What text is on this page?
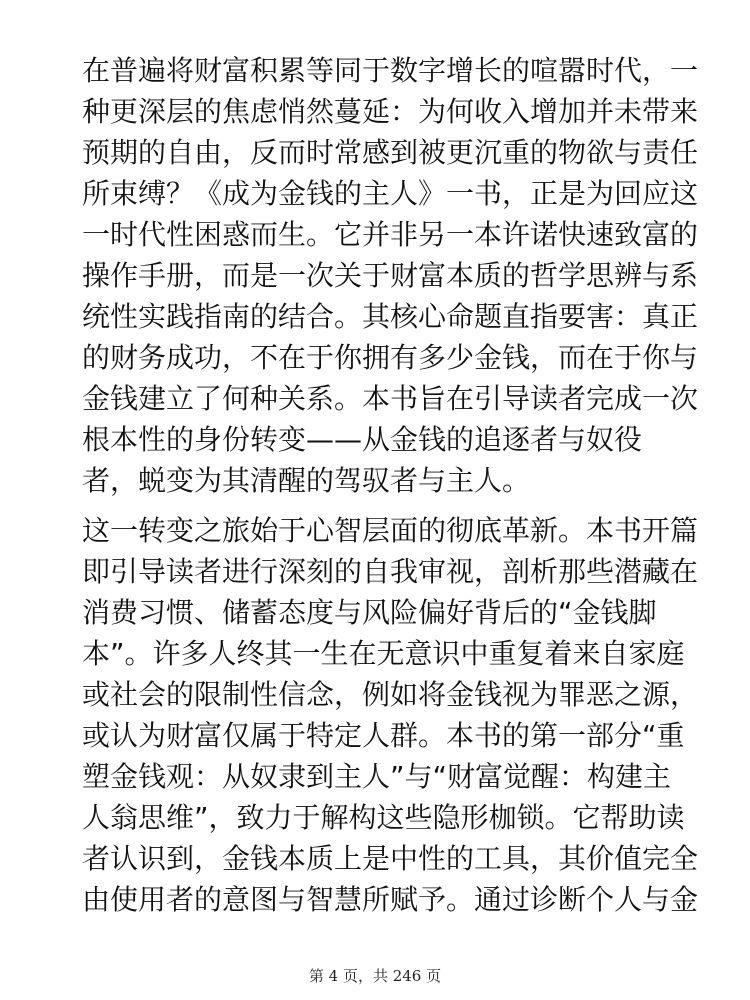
在普遍将财富积累等同于数字增长的喧嚣时代，一
种更深层的焦虑悄然蔓延：为何收入增加并未带来
预期的自由，反而时常感到被更沉重的物欲与责任
所束缚？《成为金钱的主人》一书，正是为回应这
一时代性困惑而生。它并非另一本许诺快速致富的
操作手册，而是一次关于财富本质的哲学思辨与系
统性实践指南的结合。其核心命题直指要害：真正
的财务成功，不在于你拥有多少金钱，而在于你与
金钱建立了何种关系。本书旨在引导读者完成一次
根本性的身份转变——从金钱的追逐者与奴役
者，蜕变为其清醒的驾驭者与主人。

这一转变之旅始于心智层面的彻底革新。本书开篇
即引导读者进行深刻的自我审视，剖析那些潜藏在
消费习惯、储蓄态度与风险偏好背后的“金钱脚
本”。许多人终其一生在无意识中重复着来自家庭
或社会的限制性信念，例如将金钱视为罪恶之源，
或认为财富仅属于特定人群。本书的第一部分“重
塑金钱观：从奴隶到主人”与“财富觉醒：构建主
人翁思维”，致力于解构这些隐形枷锁。它帮助读
者认识到，金钱本质上是中性的工具，其价值完全
由使用者的意图与智慧所赋予。通过诊断个人与金

第 4 页，共 246 页
